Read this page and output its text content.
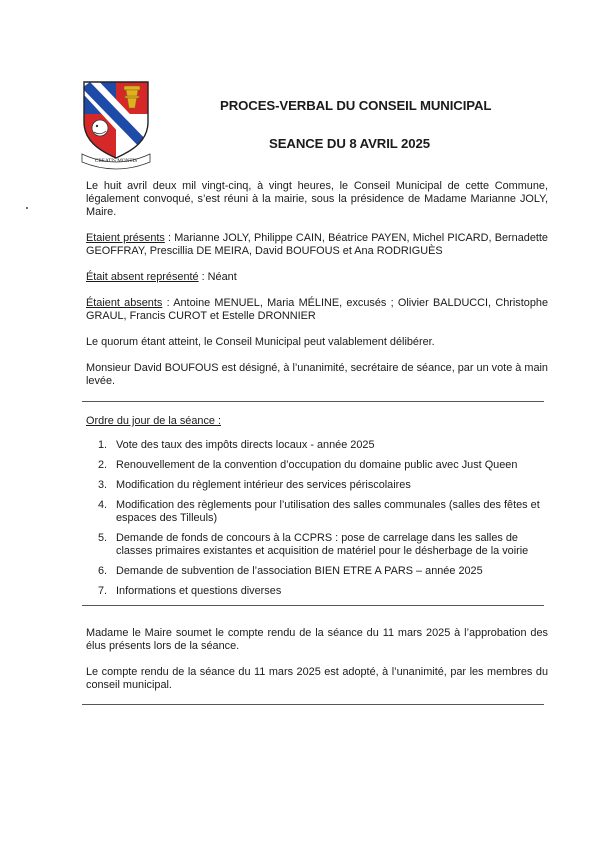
CREATIS MONTIS
PROCES-VERBAL DU CONSEIL MUNICIPAL
SEANCE DU 8 AVRIL 2025
Le huit avril deux mil vingt-cinq, à vingt heures, le Conseil Municipal de cette Commune, légalement convoqué, s’est réuni à la mairie, sous la présidence de Madame Marianne JOLY, Maire.
Etaient présents : Marianne JOLY, Philippe CAIN, Béatrice PAYEN, Michel PICARD, Bernadette GEOFFRAY, Prescillia DE MEIRA, David BOUFOUS et Ana RODRIGUÈS
Était absent représenté : Néant
Étaient absents : Antoine MENUEL, Maria MÉLINE, excusés ; Olivier BALDUCCI, Christophe GRAUL, Francis CUROT et Estelle DRONNIER
Le quorum étant atteint, le Conseil Municipal peut valablement délibérer.
Monsieur David BOUFOUS est désigné, à l’unanimité, secrétaire de séance, par un vote à main levée.
Ordre du jour de la séance :
1. Vote des taux des impôts directs locaux - année 2025
2. Renouvellement de la convention d’occupation du domaine public avec Just Queen
3. Modification du règlement intérieur des services périscolaires
4. Modification des règlements pour l’utilisation des salles communales (salles des fêtes et espaces des Tilleuls)
5. Demande de fonds de concours à la CCPRS : pose de carrelage dans les salles de classes primaires existantes et acquisition de matériel pour le désherbage de la voirie
6. Demande de subvention de l’association BIEN ETRE A PARS – année 2025
7. Informations et questions diverses
Madame le Maire soumet le compte rendu de la séance du 11 mars 2025 à l’approbation des élus présents lors de la séance.
Le compte rendu de la séance du 11 mars 2025 est adopté, à l’unanimité, par les membres du conseil municipal.
